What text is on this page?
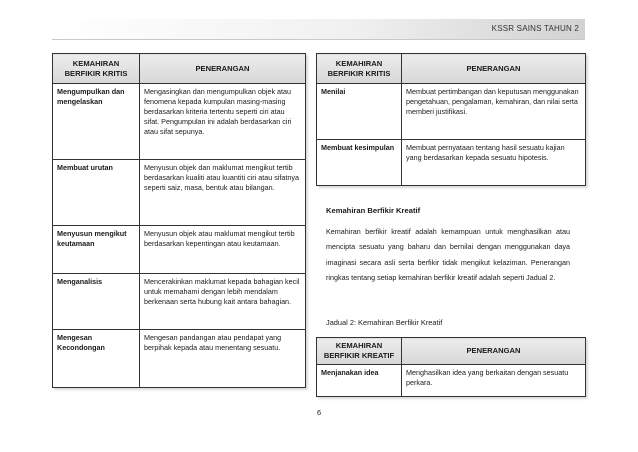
KSSR SAINS TAHUN 2
KEMAHIRAN BERFIKIR KRITIS	PENERANGAN
Mengumpulkan dan mengelaskan	Mengasingkan dan mengumpulkan objek atau fenomena kepada kumpulan masing-masing berdasarkan kriteria tertentu seperti ciri atau sifat. Pengumpulan ini adalah berdasarkan ciri atau sifat sepunya.
Membuat urutan	Menyusun objek dan maklumat mengikut tertib berdasarkan kualiti atau kuantiti ciri atau sifatnya seperti saiz, masa, bentuk atau bilangan.
Menyusun mengikut keutamaan	Menyusun objek atau maklumat mengikut tertib berdasarkan kepentingan atau keutamaan.
Menganalisis	Mencerakinkan maklumat kepada bahagian kecil untuk memahami dengan lebih mendalam berkenaan serta hubung kait antara bahagian.
Mengesan Kecondongan	Mengesan pandangan atau pendapat yang berpihak kepada atau menentang sesuatu.
KEMAHIRAN BERFIKIR KRITIS	PENERANGAN
Menilai	Membuat pertimbangan dan keputusan menggunakan pengetahuan, pengalaman, kemahiran, dan nilai serta memberi justifikasi.
Membuat kesimpulan	Membuat pernyataan tentang hasil sesuatu kajian yang berdasarkan kepada sesuatu hipotesis.
Kemahiran Berfikir Kreatif
Kemahiran berfikir kreatif adalah kemampuan untuk menghasilkan atau mencipta sesuatu yang baharu dan bernilai dengan menggunakan daya imaginasi secara asli serta berfikir tidak mengikut kelaziman. Penerangan ringkas tentang setiap kemahiran berfikir kreatif adalah seperti Jadual 2.
Jadual 2: Kemahiran Berfikir Kreatif
KEMAHIRAN BERFIKIR KREATIF	PENERANGAN
Menjanakan idea	Menghasilkan idea yang berkaitan dengan sesuatu perkara.
6
